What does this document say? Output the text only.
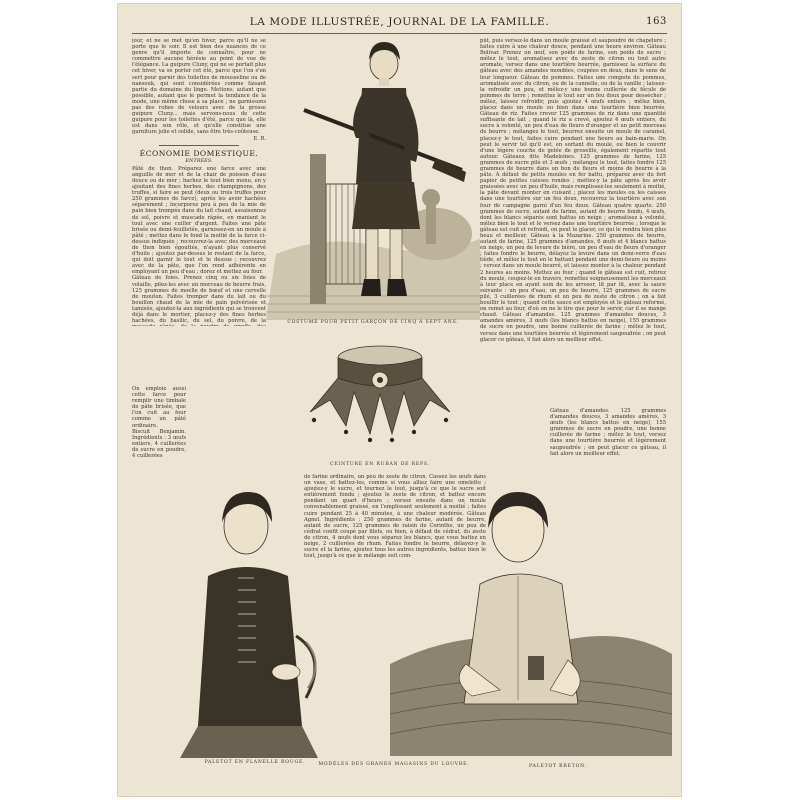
LA MODE ILLUSTRÉE, JOURNAL DE LA FAMILLE.	163

jour, et ne se met qu'en hiver, parce qu'il ne se porte que le soir. Il est bien des nuances de ce genre qu'il importe de connaître, pour ne commettre aucune hérésie au point de vue de l'élégance. La guipure Cluny, qui ne se portait plus cet hiver, va se porter cet été, parce que l'on s'en sert pour garnir des toilettes de mousseline ou de nansouk, qui sont considérées comme faisant partie du domaine du linge. Mettons, autant que possible, autant que le permet la tendance de la mode, une même chose à sa place ; ne garnissons pas des robes de velours avec de la grosse guipure Cluny... mais servons-nous de cette guipure pour les toilettes d'été, parce que là, elle est dans son rôle, et qu'elle constitue une garniture jolie et solide, sans être très-coûteuse.

E. R.

ÉCONOMIE DOMESTIQUE.
ENTRÉES.

Pâté de thon. Préparez une farce avec une anguille de mer et de la chair de poisson d'eau douce ou de mer ; hachez le tout bien menu, en y ajoutant des fines herbes, des champignons, des truffes, si faire se peut (deux ou trois truffes pour 250 grammes de farce), après les avoir hachées séparément ; incorporez peu à peu de la mie de pain bien trempée dans du lait chaud, assaisonnez de sel, poivre et muscade râpée, en maniant le tout avec une cuiller d'argent. Faites une pâte brisée ou demi-feuilletée, garnissez-en un moule à pâté ; mettez dans le fond la moitié de la farce ci-dessus indiquée ; recouvrez-la avec des morceaux de thon bien égouttés, n'ayant plus conservé d'huile ; ajoutez par-dessus le restant de la farce, qui doit garnir le tout et le dessus ; recouvrez avec de la pâte, que l'on rend adhérente en employant un peu d'eau ; dorez et mettez au four.

Gâteau de foies. Prenez cinq ou six foies de volaille, pilez-les avec un morceau de beurre frais, 125 grammes de moelle de bœuf et une cervelle de mouton. Faites tremper dans du lait ou du bouillon chaud de la mie de pain pulvérisée et tamisée, ajoutez-la aux ingrédients qui se trouvent déjà dans le mortier, placez-y des fines herbes hachées, du basilic, du sel, du poivre, de la

On emploie aussi cette farce pour remplir une timbale de pâte brisée, que l'on cuit au four comme un pâté ordinaire.

Biscuit Benjamin. Ingrédients : 3 œufs entiers, 4 cuillerées de sucre en poudre, 4 cuillerées

de farine ordinaire, un peu de zeste de citron. Cassez les œufs dans un vase, et battez-les, comme si vous alliez faire une omelette ; ajoutez-y le sucre, et tournez le tout, jusqu'à ce que le sucre soit entièrement fondu ; ajoutez le zeste de citron, et battez encore pendant un quart d'heure ; versez ensuite dans un moule convenablement graissé, en l'emplissant seulement à moitié ; faites cuire pendant 25 à 40 minutes, à une chaleur modérée. Gâteau Agnel. Ingrédients : 250 grammes de farine, autant de beurre, autant de sucre, 125 grammes de raisin de Corinthe, un peu de cédrat confit coupé par filets, ou bien, à défaut de cédrat, du zeste de citron, 4 œufs dont vous séparez les blancs, que vous battez en neige, 2 cuillerées de rhum. Faites fondre le beurre, délayez-y le sucre et la farine, ajoutez tous les autres ingrédients, battez bien le tout, jusqu'à ce que le mélange soit com-

pût, puis versez-le dans un moule graissé et saupoudré de chapelure ; faites cuire à une chaleur douce, pendant une heure environ. Gâteau Bolivar. Prenez un œuf, son poids de farine, son poids de sucre ; mêlez le tout, aromatisez avec du zeste de citron ou tout autre aromate, versez dans une tourtière beurrée, garnissez la surface du gâteau avec des amandes mondées, coupées en deux, dans le sens de leur longueur. Gâteau de pommes. Faites une compote de pommes, aromatisée avec du citron, ou de la cannelle, ou de la vanille ; laissez-la refroidir un peu, et mêlez-y une bonne cuillerée de fécule de pommes de terre ; remettez le tout sur un feu doux pour dessécher ; mêlez, laissez refroidir, puis ajoutez 4 œufs entiers ; mêlez bien, placez dans un moule ou bien dans une tourtière bien beurrée. Gâteau de riz. Faites crever 125 grammes de riz dans une quantité suffisante de lait ; quand le riz a crevé, ajoutez 4 œufs entiers, du sucre à volonté, un peu d'eau de fleurs d'oranger et un petit morceau de beurre ; mélangez le tout, beurrez ensuite un moule de caramel, placez-y le tout, faites cuire pendant une heure au bain-marie. On peut le servir tel qu'il est, en sortant du moule, ou bien le couvrir d'une légère couche de gelée de groseille, également répartie tout autour. Gâteaux dits Madeleines. 125 grammes de farine, 125 grammes de sucre pilé et 3 œufs ; mélangez le tout, faites fondre 125 grammes de beurre dans un bon de fleurs et moins de beurre à la pâte. A défaut de petits moules en fer battu, préparez avec du fort papier de petites caisses rondes ; mettez-y la pâte après les avoir graissées avec un peu d'huile, mais remplissez-les seulement à moitié, la pâte devant monter en cuisant ; placez les moules ou les caisses dans une tourtière sur un feu doux, recouvrez la tourtière avec son four de campagne garni d'un feu doux. Gâteau quatre quarts. 250 grammes de sucre, autant de farine, autant de beurre fondu, 4 œufs, dont les blancs séparés sont battus en neige ; aromatisez à volonté, mêlez bien le tout et le versez dans une tourtière beurrée ; lorsque le gâteau est cuit et refroidi, on peut le glacer, ce qui le rendra bien plus beau et meilleur. Gâteau à la Mazarine. 250 grammes de beurre, autant de farine, 125 grammes d'amandes, 6 œufs et 4 blancs battus en neige, un peu de levure de bière, un peu d'eau de fleurs d'oranger ; faites fondre le beurre, délayez la levure dans un demi-verre d'eau tiède, et mêlez le tout en le battant pendant une demi-heure ou moins ; versez dans un moule beurré, et laissez monter à la chaleur pendant 2 heures au moins. Mettez au four ; quand le gâteau est cuit, retirez du moule, coupez-le en travers, remettez soigneusement les morceaux à leur place en ayant soin de les arroser, lit par lit, avec la sauce suivante : un peu d'eau, un peu de beurre, 125 grammes de sucre pilé, 3 cuillerées de rhum et un peu de zeste de citron ; on a fait bouillir le tout ; quand cette sauce est employée et le gâteau reformé, on remet au four, d'où on ne le tire que pour le servir, car il se mange chaud. Gâteau d'amandes. 125 grammes d'amandes douces, 3 amandes amères, 3 œufs (les blancs battus en neige), 155 grammes de sucre en poudre, une bonne cuillerée de farine ; mêlez le tout, versez dans une tourtière beurrée et légèrement saupoudrée ; on peut glacer ce gâteau, il fait alors un meilleur effet.

Gâteau d'amandes. 125 grammes d'amandes douces, 3 amandes amères, 3 œufs (les blancs battus en neige), 155 grammes de sucre en poudre, une bonne cuillerée de farine ; mêlez le tout, versez dans une tourtière beurrée et légèrement saupoudrée ; on peut glacer ce gâteau, il fait alors un meilleur effet.

COSTUME POUR PETIT GARÇON DE CINQ À SEPT ANS.
CEINTURE EN RUBAN DE REPS.
PALETOT EN FLANELLE ROUGE.	MODÈLES DES GRANDS MAGASINS DU LOUVRE.	PALETOT BRETON.
